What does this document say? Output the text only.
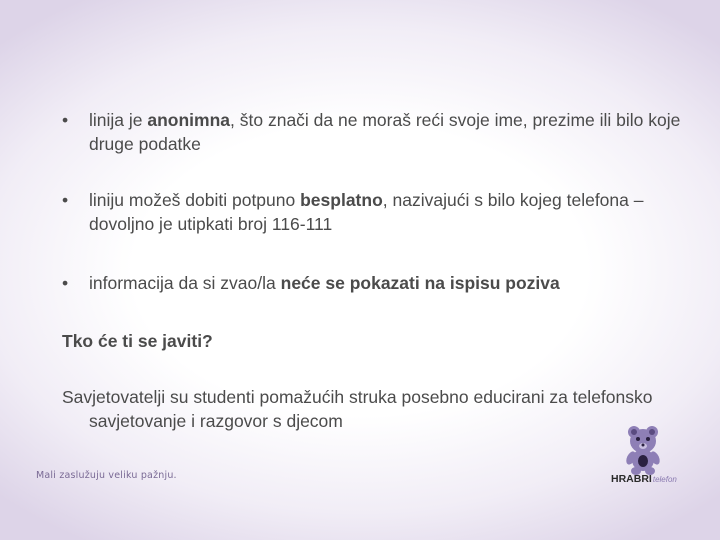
• linija je anonimna, što znači da ne moraš reći svoje ime, prezime ili bilo koje druge podatke
• liniju možeš dobiti potpuno besplatno, nazivajući s bilo kojeg telefona – dovoljno je utipkati broj 116-111
• informacija da si zvao/la neće se pokazati na ispisu poziva
Tko će ti se javiti?
Savjetovatelji su studenti pomažućih struka posebno educirani za telefonsko savjetovanje i razgovor s djecom
Mali zaslužuju veliku pažnju.	HRABRItelefon
